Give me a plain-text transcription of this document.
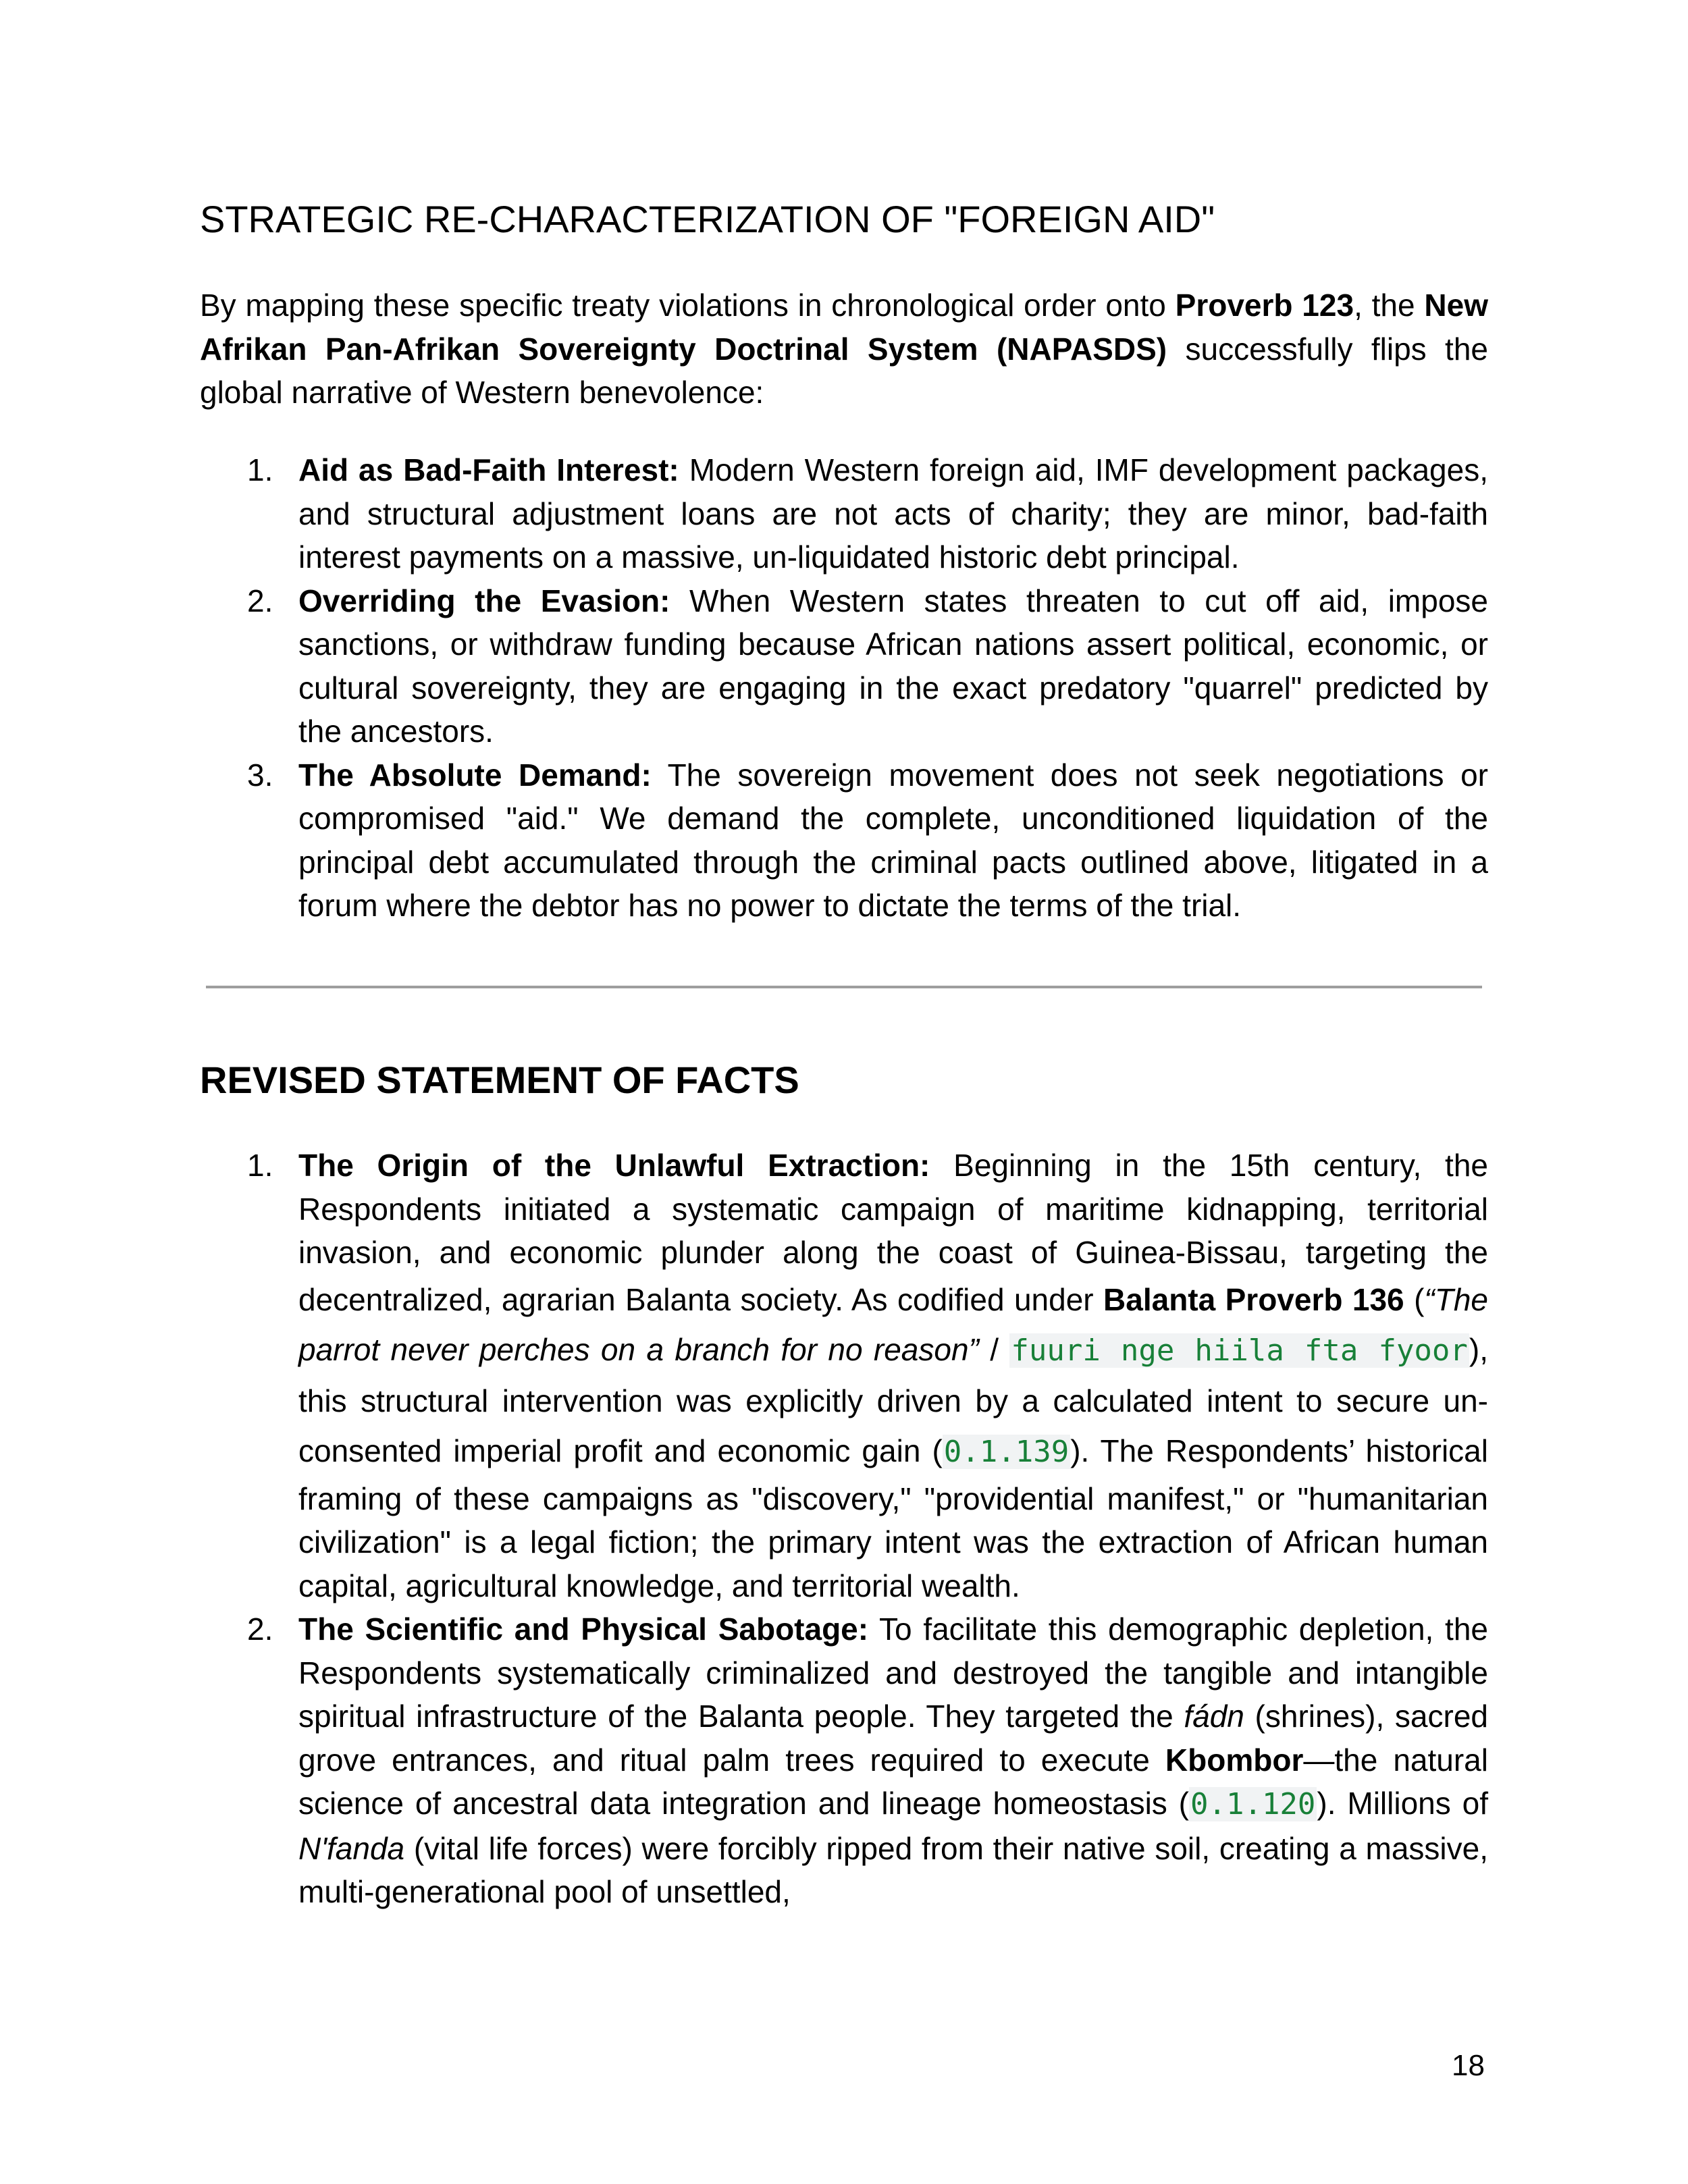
STRATEGIC RE-CHARACTERIZATION OF "FOREIGN AID"

By mapping these specific treaty violations in chronological order onto Proverb 123, the New Afrikan Pan-Afrikan Sovereignty Doctrinal System (NAPASDS) successfully flips the global narrative of Western benevolence:

1. Aid as Bad-Faith Interest: Modern Western foreign aid, IMF development packages, and structural adjustment loans are not acts of charity; they are minor, bad-faith interest payments on a massive, un-liquidated historic debt principal.
2. Overriding the Evasion: When Western states threaten to cut off aid, impose sanctions, or withdraw funding because African nations assert political, economic, or cultural sovereignty, they are engaging in the exact predatory "quarrel" predicted by the ancestors.
3. The Absolute Demand: The sovereign movement does not seek negotiations or compromised "aid." We demand the complete, unconditioned liquidation of the principal debt accumulated through the criminal pacts outlined above, litigated in a forum where the debtor has no power to dictate the terms of the trial.
REVISED STATEMENT OF FACTS
1. The Origin of the Unlawful Extraction: Beginning in the 15th century, the Respondents initiated a systematic campaign of maritime kidnapping, territorial invasion, and economic plunder along the coast of Guinea-Bissau, targeting the decentralized, agrarian Balanta society. As codified under Balanta Proverb 136 (“The parrot never perches on a branch for no reason” / fuuri nge hiila fta fyoor), this structural intervention was explicitly driven by a calculated intent to secure un-consented imperial profit and economic gain (0.1.139). The Respondents’ historical framing of these campaigns as "discovery," "providential manifest," or "humanitarian civilization" is a legal fiction; the primary intent was the extraction of African human capital, agricultural knowledge, and territorial wealth.
2. The Scientific and Physical Sabotage: To facilitate this demographic depletion, the Respondents systematically criminalized and destroyed the tangible and intangible spiritual infrastructure of the Balanta people. They targeted the fádn (shrines), sacred grove entrances, and ritual palm trees required to execute Kbombor—the natural science of ancestral data integration and lineage homeostasis (0.1.120). Millions of N'fanda (vital life forces) were forcibly ripped from their native soil, creating a massive, multi-generational pool of unsettled,
18
